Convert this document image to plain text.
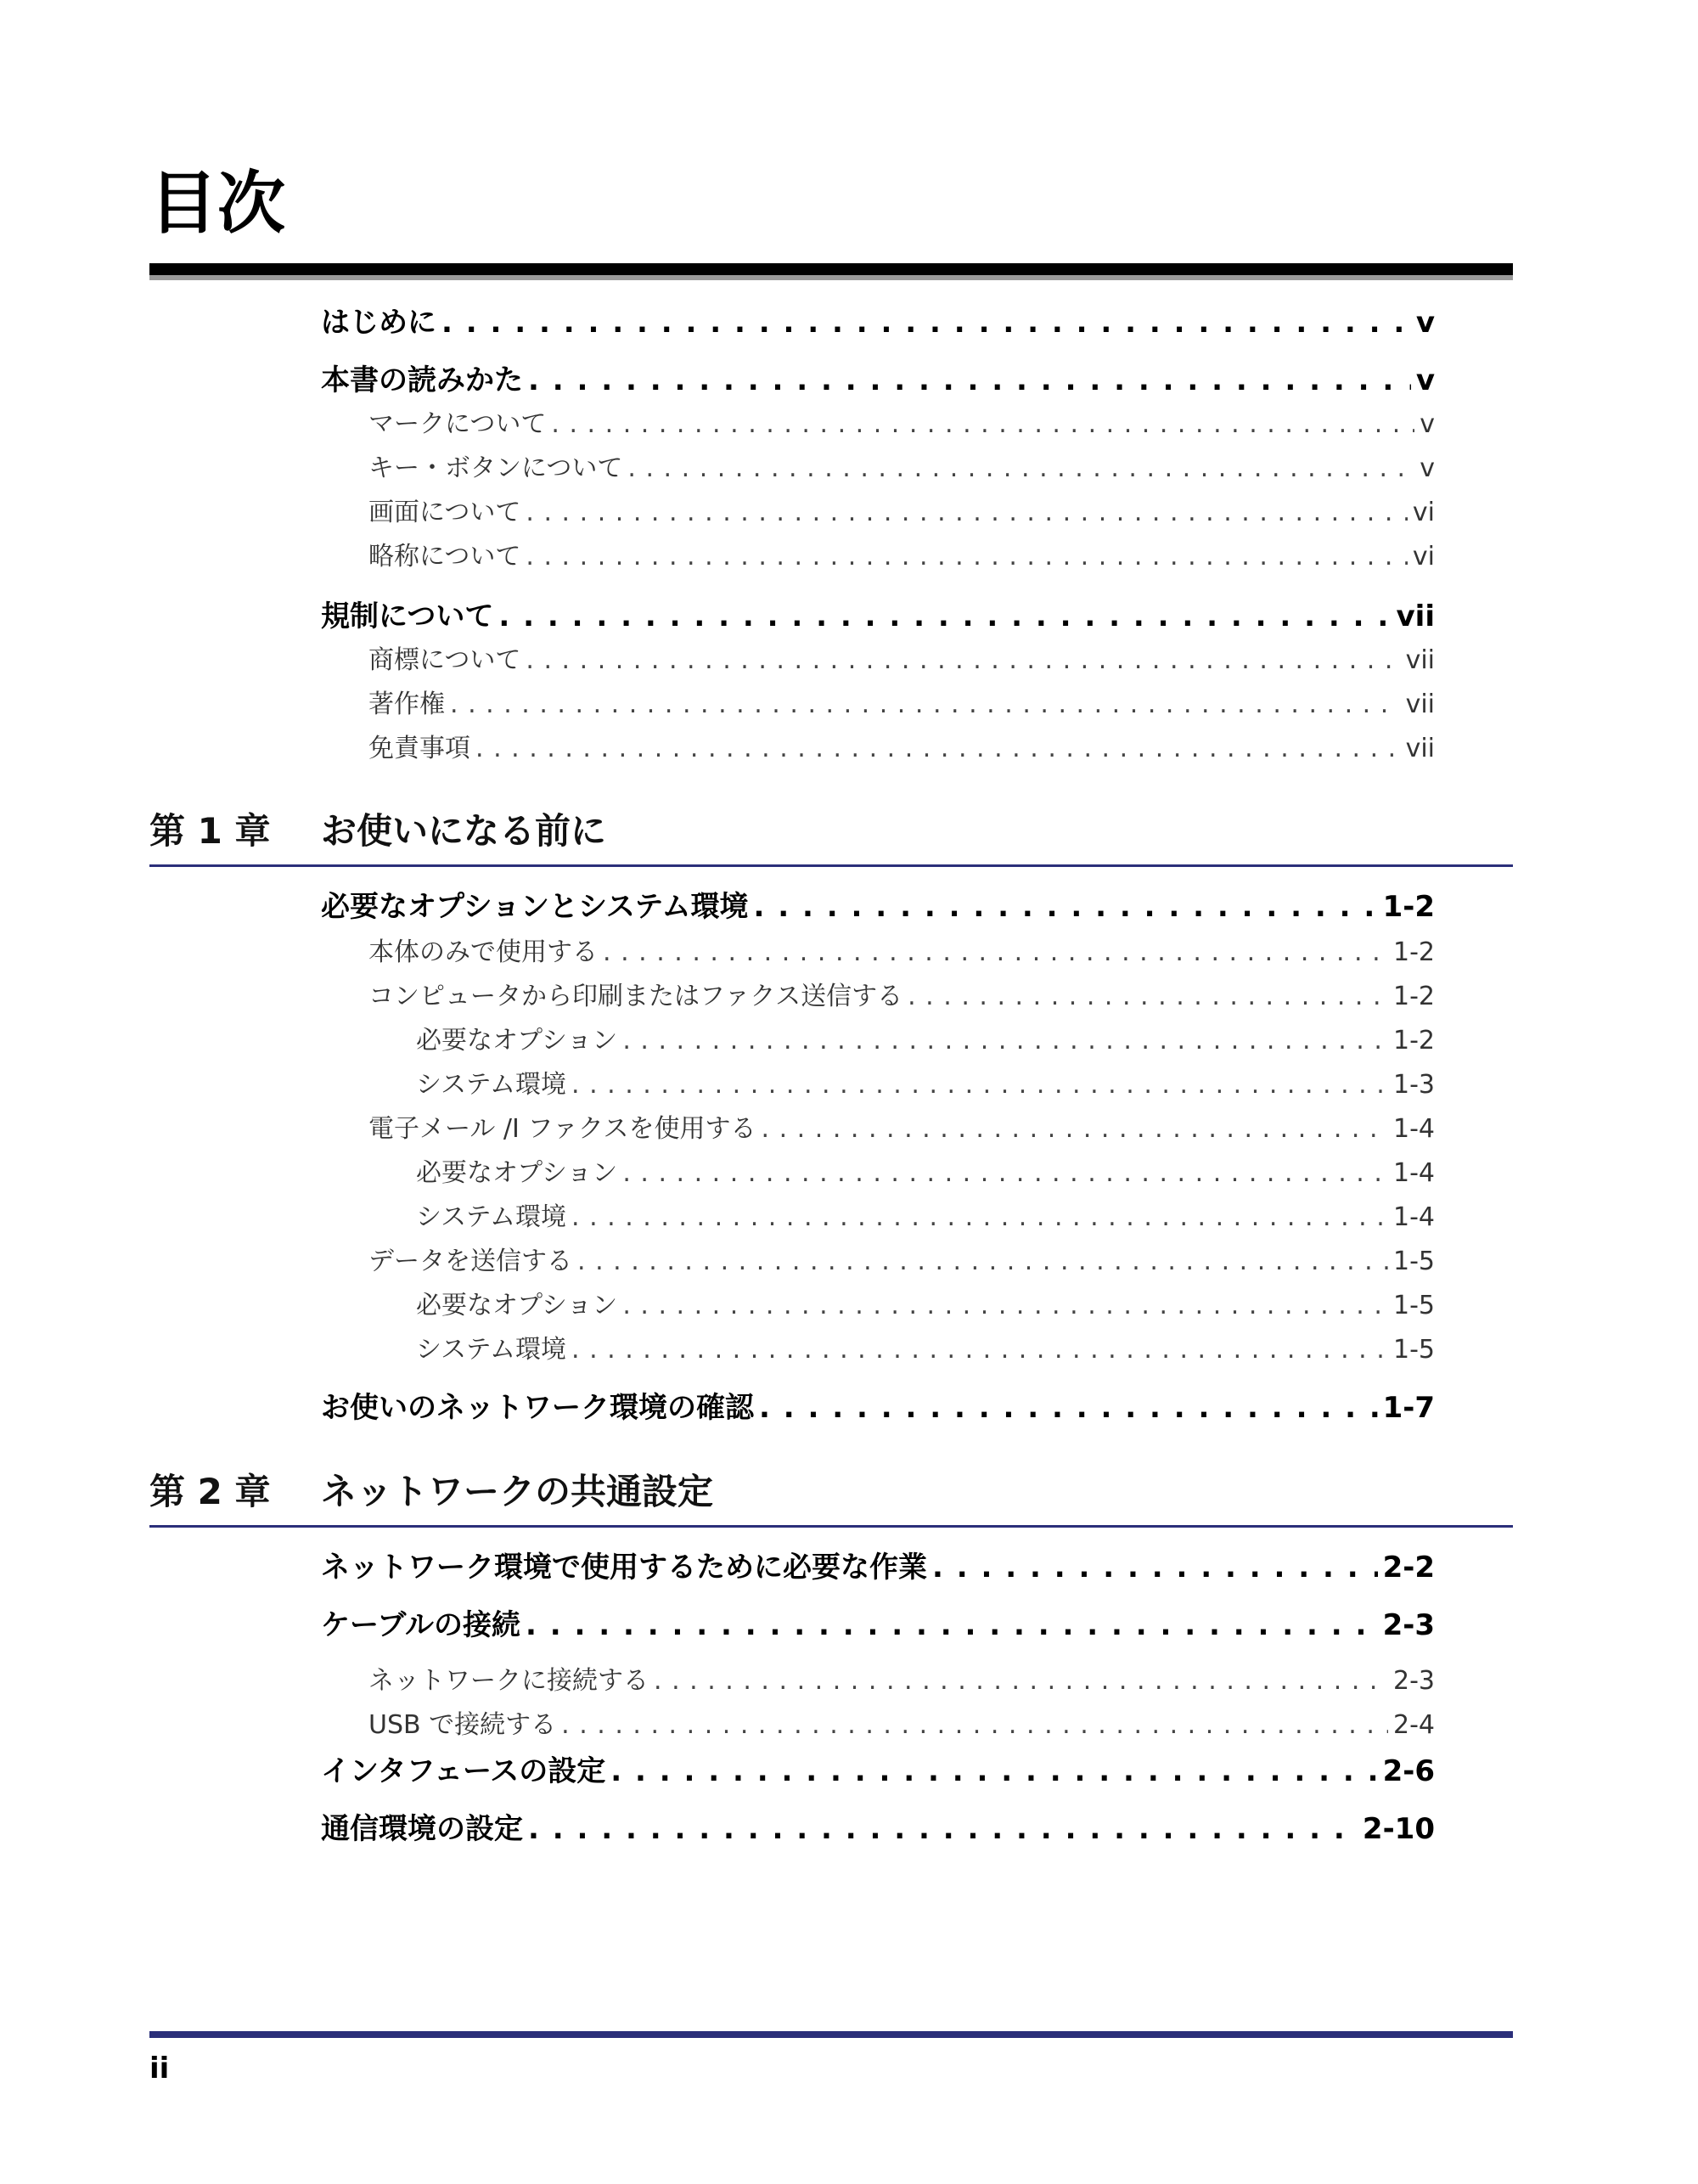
目次
はじめに . . .	v
本書の読みかた . . .	v
マークについて . . .	v
キー・ボタンについて . . .	v
画面について . . .	vi
略称について . . .	vi
規制について . . .	vii
商標について . . .	vii
著作権 . . .	vii
免責事項 . . .	vii
第 1 章	お使いになる前に
必要なオプションとシステム環境 . . .	1-2
本体のみで使用する . . .	1-2
コンピュータから印刷またはファクス送信する . . .	1-2
必要なオプション . . .	1-2
システム環境 . . .	1-3
電子メール /I ファクスを使用する . . .	1-4
必要なオプション . . .	1-4
システム環境 . . .	1-4
データを送信する . . .	1-5
必要なオプション . . .	1-5
システム環境 . . .	1-5
お使いのネットワーク環境の確認 . . .	1-7
第 2 章	ネットワークの共通設定
ネットワーク環境で使用するために必要な作業 . . .	2-2
ケーブルの接続 . . .	2-3
ネットワークに接続する . . .	2-3
USB で接続する . . .	2-4
インタフェースの設定 . . .	2-6
通信環境の設定 . . .	2-10
ii
